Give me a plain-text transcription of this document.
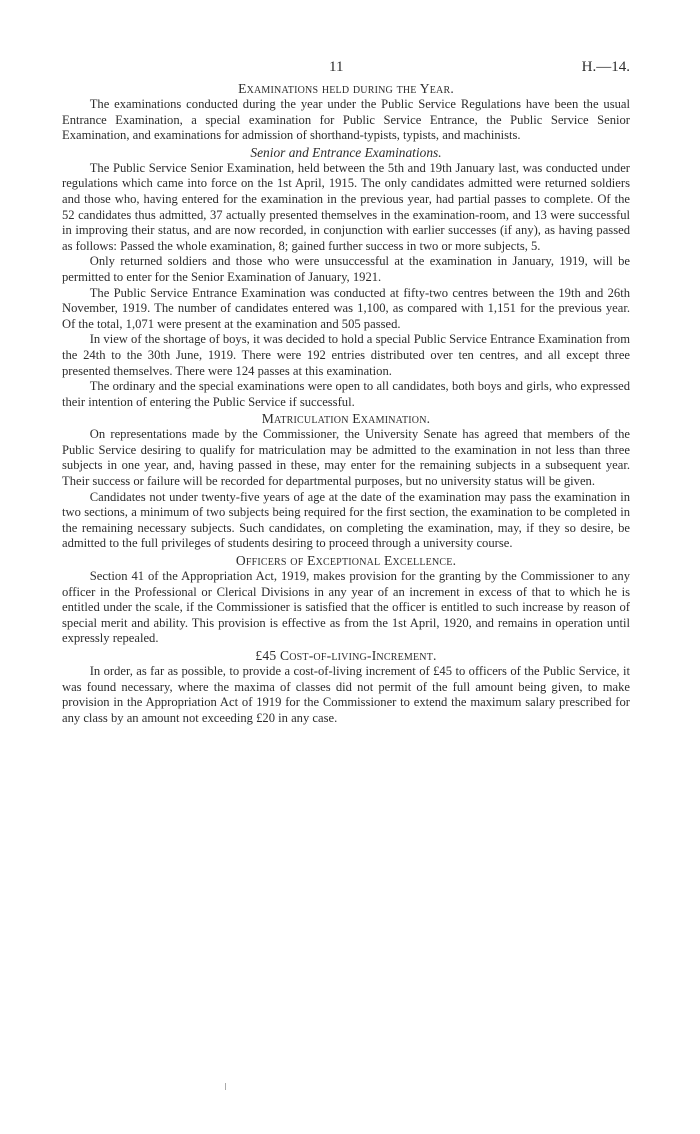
11	H.—14.
Examinations held during the Year.

The examinations conducted during the year under the Public Service Regulations have been the usual Entrance Examination, a special examination for Public Service Entrance, the Public Service Senior Examination, and examinations for admission of shorthand-typists, typists, and machinists.

Senior and Entrance Examinations.

The Public Service Senior Examination, held between the 5th and 19th January last, was conducted under regulations which came into force on the 1st April, 1915. The only candidates admitted were returned soldiers and those who, having entered for the examination in the previous year, had partial passes to complete. Of the 52 candidates thus admitted, 37 actually presented themselves in the examination-room, and 13 were successful in improving their status, and are now recorded, in conjunction with earlier successes (if any), as having passed as follows: Passed the whole examination, 8; gained further success in two or more subjects, 5.

Only returned soldiers and those who were unsuccessful at the examination in January, 1919, will be permitted to enter for the Senior Examination of January, 1921.

The Public Service Entrance Examination was conducted at fifty-two centres between the 19th and 26th November, 1919. The number of candidates entered was 1,100, as compared with 1,151 for the previous year. Of the total, 1,071 were present at the examination and 505 passed.

In view of the shortage of boys, it was decided to hold a special Public Service Entrance Examination from the 24th to the 30th June, 1919. There were 192 entries distributed over ten centres, and all except three presented themselves. There were 124 passes at this examination.

The ordinary and the special examinations were open to all candidates, both boys and girls, who expressed their intention of entering the Public Service if successful.

Matriculation Examination.

On representations made by the Commissioner, the University Senate has agreed that members of the Public Service desiring to qualify for matriculation may be admitted to the examination in not less than three subjects in one year, and, having passed in these, may enter for the remaining subjects in a subsequent year. Their success or failure will be recorded for departmental purposes, but no university status will be given.

Candidates not under twenty-five years of age at the date of the examination may pass the examination in two sections, a minimum of two subjects being required for the first section, the examination to be completed in the remaining necessary subjects. Such candidates, on completing the examination, may, if they so desire, be admitted to the full privileges of students desiring to proceed through a university course.

Officers of Exceptional Excellence.

Section 41 of the Appropriation Act, 1919, makes provision for the granting by the Commissioner to any officer in the Professional or Clerical Divisions in any year of an increment in excess of that to which he is entitled under the scale, if the Commissioner is satisfied that the officer is entitled to such increase by reason of special merit and ability. This provision is effective as from the 1st April, 1920, and remains in operation until expressly repealed.

£45 Cost-of-living-Increment.

In order, as far as possible, to provide a cost-of-living increment of £45 to officers of the Public Service, it was found necessary, where the maxima of classes did not permit of the full amount being given, to make provision in the Appropriation Act of 1919 for the Commissioner to extend the maximum salary prescribed for any class by an amount not exceeding £20 in any case.
